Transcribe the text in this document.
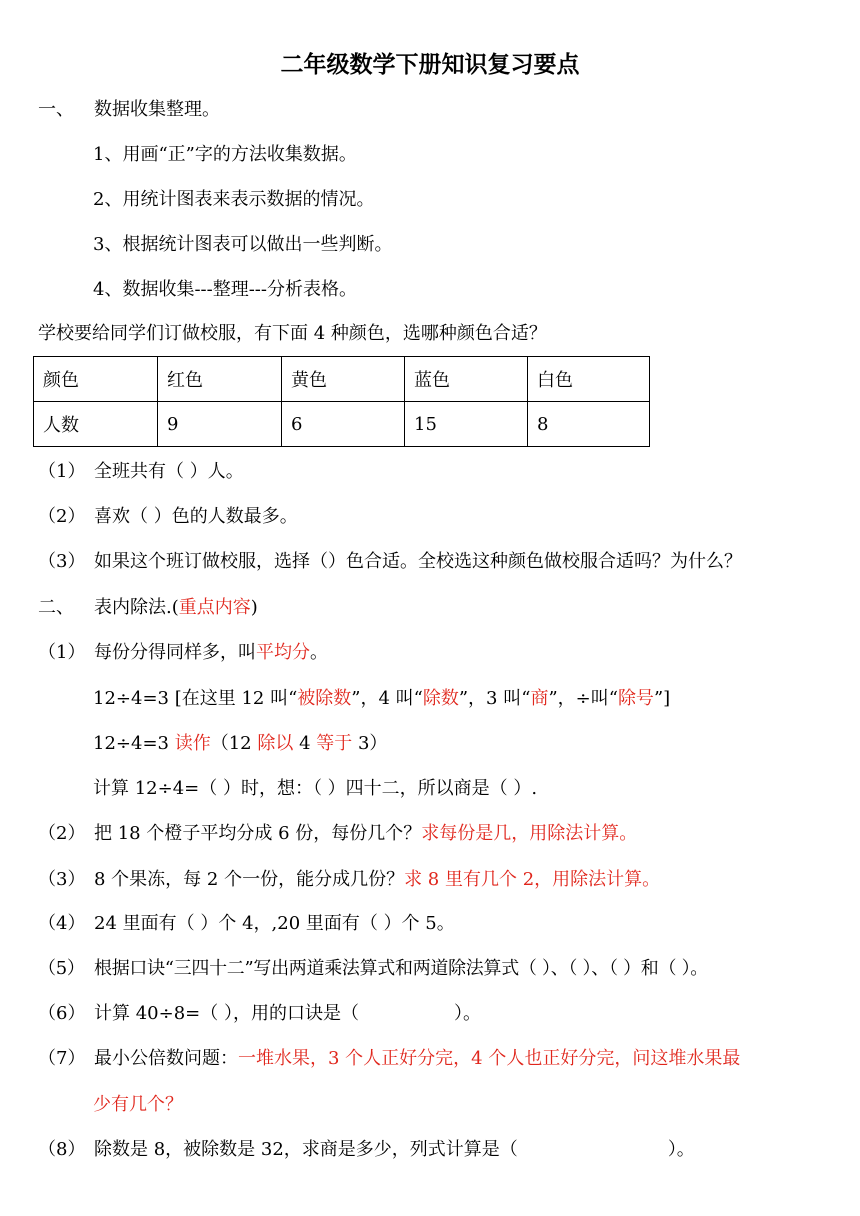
二年级数学下册知识复习要点
一、 数据收集整理。
1、用画“正”字的方法收集数据。
2、用统计图表来表示数据的情况。
3、根据统计图表可以做出一些判断。
4、数据收集---整理---分析表格。
学校要给同学们订做校服，有下面 4 种颜色，选哪种颜色合适？
颜色	红色	黄色	蓝色	白色
人数	9	6	15	8
（1） 全班共有（ ）人。
（2） 喜欢（ ）色的人数最多。
（3） 如果这个班订做校服，选择（）色合适。全校选这种颜色做校服合适吗？为什么？
二、 表内除法.(重点内容)
（1） 每份分得同样多，叫平均分。
12÷4=3 [在这里 12 叫“被除数”，4 叫“除数”，3 叫“商”，÷叫“除号”]
12÷4=3 读作（12 除以 4 等于 3）
计算 12÷4=（ ）时，想：（ ）四十二，所以商是（ ）.
（2） 把 18 个橙子平均分成 6 份，每份几个？求每份是几，用除法计算。
（3） 8 个果冻，每 2 个一份，能分成几份？求 8 里有几个 2，用除法计算。
（4） 24 里面有（ ）个 4，,20 里面有（ ）个 5。
（5） 根据口诀“三四十二”写出两道乘法算式和两道除法算式（ ）、（ ）、（ ）和（ ）。
（6） 计算 40÷8=（ ），用的口诀是（	）。
（7） 最小公倍数问题：一堆水果，3 个人正好分完，4 个人也正好分完，问这堆水果最
少有几个？
（8） 除数是 8，被除数是 32，求商是多少，列式计算是（	）。
